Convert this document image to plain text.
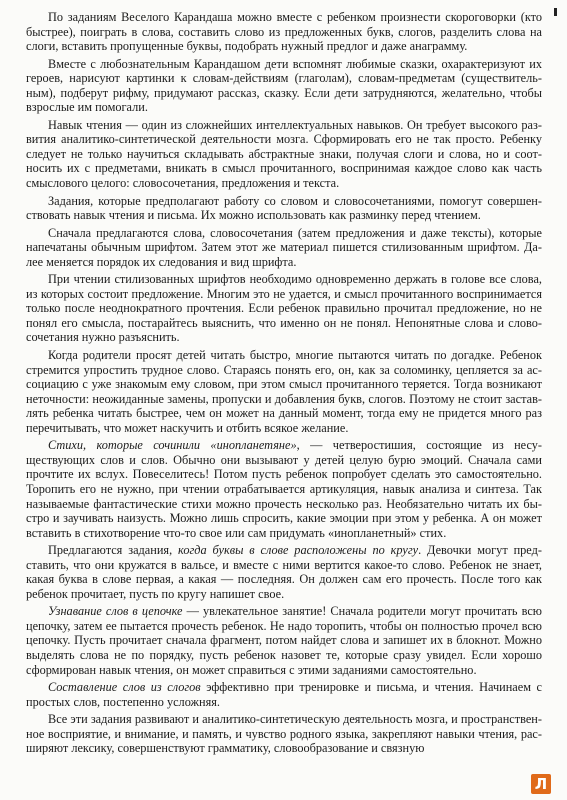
По заданиям Веселого Карандаша можно вместе с ребенком произнести скороговорки (кто быстрее), поиграть в слова, составить слово из предложенных букв, слогов, разделить слова на слоги, вставить пропущенные буквы, подобрать нужный предлог и даже анаграмму.

Вместе с любознательным Карандашом дети вспомнят любимые сказки, охарактеризуют их героев, нарисуют картинки к словам-действиям (глаголам), словам-предметам (существительным), подберут рифму, придумают рассказ, сказку. Если дети затрудняются, желательно, чтобы взрослые им помогали.

Навык чтения — один из сложнейших интеллектуальных навыков. Он требует высокого развития аналитико-синтетической деятельности мозга. Сформировать его не так просто. Ребенку следует не только научиться складывать абстрактные знаки, получая слоги и слова, но и соотносить их с предметами, вникать в смысл прочитанного, воспринимая каждое слово как часть смыслового целого: словосочетания, предложения и текста.

Задания, которые предполагают работу со словом и словосочетаниями, помогут совершенствовать навык чтения и письма. Их можно использовать как разминку перед чтением.

Сначала предлагаются слова, словосочетания (затем предложения и даже тексты), которые напечатаны обычным шрифтом. Затем этот же материал пишется стилизованным шрифтом. Далее меняется порядок их следования и вид шрифта.

При чтении стилизованных шрифтов необходимо одновременно держать в голове все слова, из которых состоит предложение. Многим это не удается, и смысл прочитанного воспринимается только после неоднократного прочтения. Если ребенок правильно прочитал предложение, но не понял его смысла, постарайтесь выяснить, что именно он не понял. Непонятные слова и словосочетания нужно разъяснить.

Когда родители просят детей читать быстро, многие пытаются читать по догадке. Ребенок стремится упростить трудное слово. Стараясь понять его, он, как за соломинку, цепляется за ассоциацию с уже знакомым ему словом, при этом смысл прочитанного теряется. Тогда возникают неточности: неожиданные замены, пропуски и добавления букв, слогов. Поэтому не стоит заставлять ребенка читать быстрее, чем он может на данный момент, тогда ему не придется много раз перечитывать, что может наскучить и отбить всякое желание.

Стихи, которые сочинили «инопланетяне», — четверостишия, состоящие из несуществующих слов и слов. Обычно они вызывают у детей целую бурю эмоций. Сначала сами прочтите их вслух. Повеселитесь! Потом пусть ребенок попробует сделать это самостоятельно. Торопить его не нужно, при чтении отрабатывается артикуляция, навык анализа и синтеза. Так называемые фантастические стихи можно прочесть несколько раз. Необязательно читать их быстро и заучивать наизусть. Можно лишь спросить, какие эмоции при этом у ребенка. А он может вставить в стихотворение что-то свое или сам придумать «инопланетный» стих.

Предлагаются задания, когда буквы в слове расположены по кругу. Девочки могут представить, что они кружатся в вальсе, и вместе с ними вертится какое-то слово. Ребенок не знает, какая буква в слове первая, а какая — последняя. Он должен сам его прочесть. После того как ребенок прочитает, пусть по кругу напишет свое.

Узнавание слов в цепочке — увлекательное занятие! Сначала родители могут прочитать всю цепочку, затем ее пытается прочесть ребенок. Не надо торопить, чтобы он полностью прочел всю цепочку. Пусть прочитает сначала фрагмент, потом найдет слова и запишет их в блокнот. Можно выделять слова не по порядку, пусть ребенок назовет те, которые сразу увидел. Если хорошо сформирован навык чтения, он может справиться с этими заданиями самостоятельно.

Составление слов из слогов эффективно при тренировке и письма, и чтения. Начинаем с простых слов, постепенно усложняя.

Все эти задания развивают и аналитико-синтетическую деятельность мозга, и пространственное восприятие, и внимание, и память, и чувство родного языка, закрепляют навыки чтения, расширяют лексику, совершенствуют грамматику, словообразование и связную

Л
